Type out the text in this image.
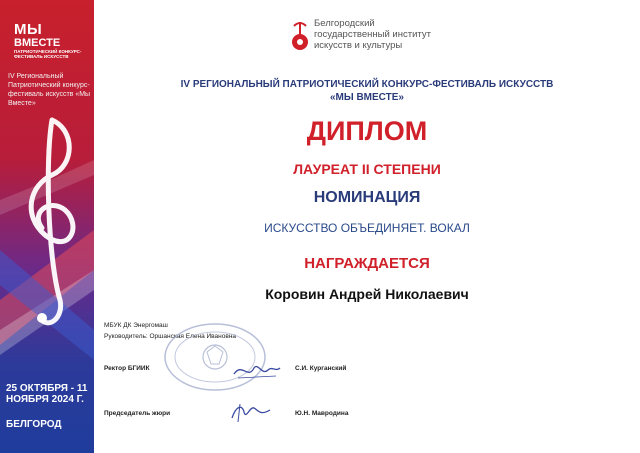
МЫ
ВМЕСТЕ
ПАТРИОТИЧЕСКИЙ КОНКУРС-ФЕСТИВАЛЬ ИСКУССТВ
IV Региональный Патриотический конкурс-фестиваль искусств «Мы Вместе»
25 ОКТЯБРЯ - 11 НОЯБРЯ 2024 Г.
БЕЛГОРОД
Белгородский
государственный институт
искусств и культуры
IV РЕГИОНАЛЬНЫЙ ПАТРИОТИЧЕСКИЙ КОНКУРС-ФЕСТИВАЛЬ ИСКУССТВ
«МЫ ВМЕСТЕ»
ДИПЛОМ
ЛАУРЕАТ II СТЕПЕНИ
НОМИНАЦИЯ
ИСКУССТВО ОБЪЕДИНЯЕТ. ВОКАЛ
НАГРАЖДАЕТСЯ
Коровин Андрей Николаевич
МБУК ДК Энергомаш
Руководитель: Оршанская Елена Ивановна
Ректор БГИИК	С.И. Курганский
Председатель жюри	Ю.Н. Мавродина
